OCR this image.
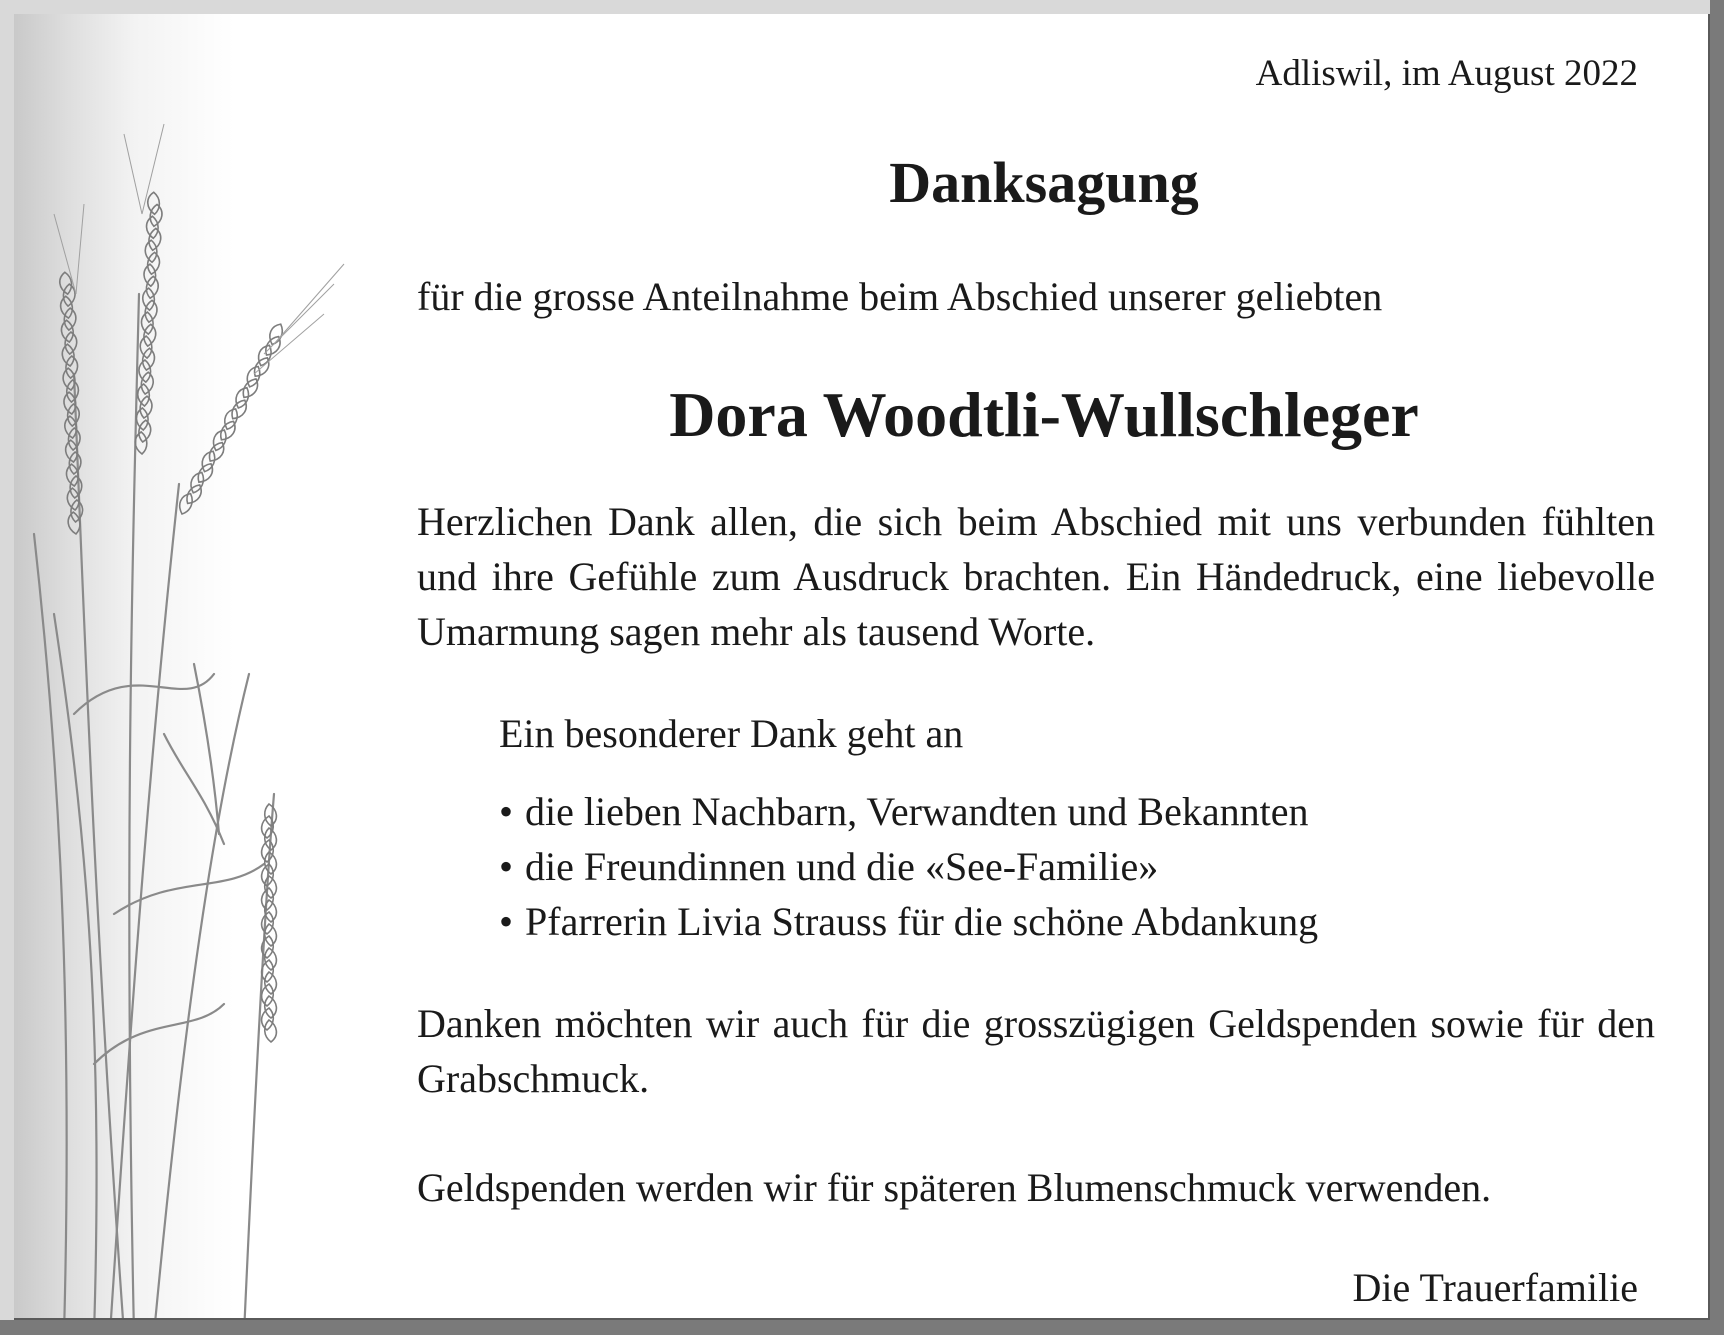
Adliswil, im August 2022
Danksagung
für die grosse Anteilnahme beim Abschied unserer geliebten
Dora Woodtli-Wullschleger
Herzlichen Dank allen, die sich beim Abschied mit uns verbunden fühlten und ihre Gefühle zum Ausdruck brachten. Ein Händedruck, eine liebevolle Umarmung sagen mehr als tausend Worte.
Ein besonderer Dank geht an
• die lieben Nachbarn, Verwandten und Bekannten
• die Freundinnen und die «See-Familie»
• Pfarrerin Livia Strauss für die schöne Abdankung
Danken möchten wir auch für die grosszügigen Geldspenden sowie für den Grabschmuck.
Geldspenden werden wir für späteren Blumenschmuck verwenden.
Die Trauerfamilie
